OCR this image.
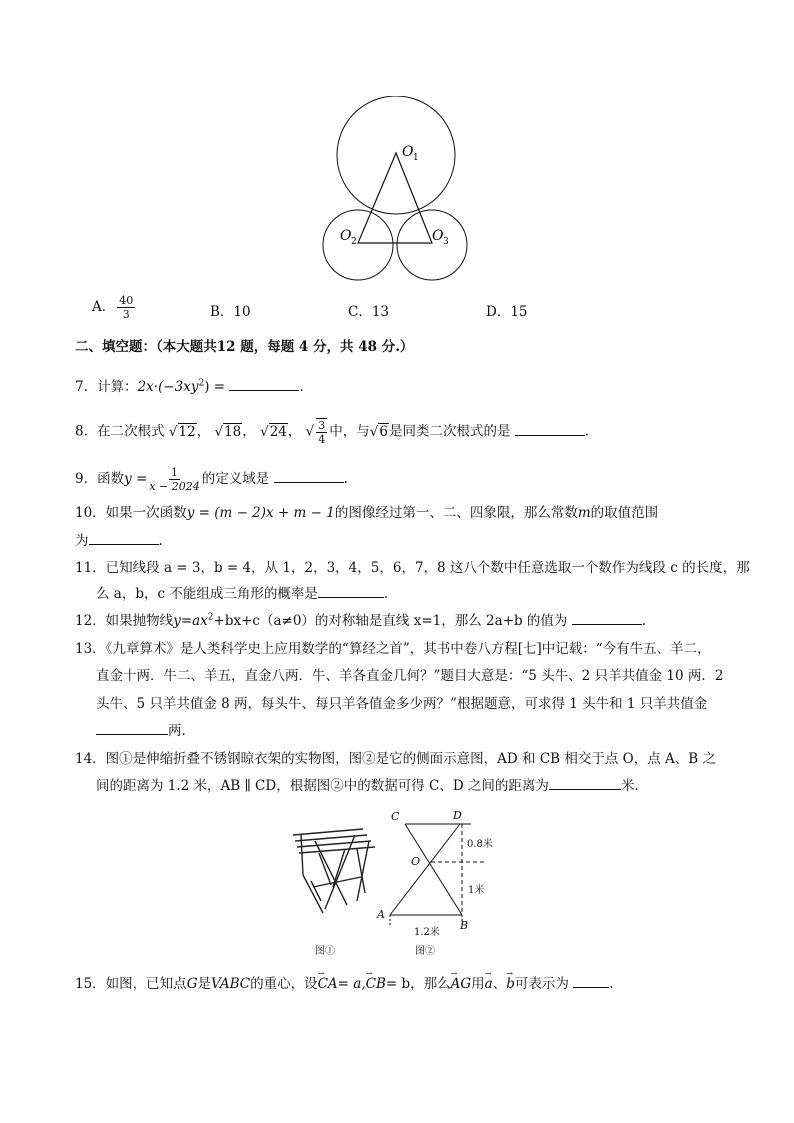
O 1
O 2	O 3
A． $\frac{40}{3}$	B．10	C．13	D．15
二、填空题：（本大题共12 题，每题 4 分，共 48 分.）
7．计算：$2x\cdot(-3xy^2)$ =	.
8．在二次根式 √12， √18， √24， √ $\frac{3}{4}$ 中，与√6是同类二次根式的是	.
9．函数$y = \frac{1}{x - 2024}$ 的定义域是	.
10．如果一次函数y = (m − 2)x + m − 1的图像经过第一、二、四象限，那么常数m的取值范围
为	.
11．已知线段 a = 3，b = 4，从 1，2，3，4，5，6，7，8 这八个数中任意选取一个数作为线段 c 的长度，那
么 a，b，c 不能组成三角形的概率是	.
12．如果抛物线$y=ax^2+bx+c(a\ne 0)$的对称轴是直线 x=1，那么 2a+b 的值为	.
13．《九章算术》是人类科学史上应用数学的“算经之首”，其书中卷八方程[七]中记载：“今有牛五、羊二，
直金十两．牛二、羊五，直金八两．牛、羊各直金几何？”题目大意是：“5 头牛、2 只羊共值金 10 两．2
头牛、5 只羊共值金 8 两，每头牛、每只羊各值金多少两？”根据题意，可求得 1 头牛和 1 只羊共值金
两.
14．图①是伸缩折叠不锈钢晾衣架的实物图，图②是它的侧面示意图，AD 和 CB 相交于点 O，点 A、B 之
间的距离为 1.2 米，AB ∥ CD，根据图②中的数据可得 C、D 之间的距离为	米.
C	D
O
A
B
0.8米
1米
1.2米
图①	图②
15．如图，已知点G是VABC的重心，设→ CA= a,→ CB= b，那么→ AG用→ a、→ b可表示为	.
